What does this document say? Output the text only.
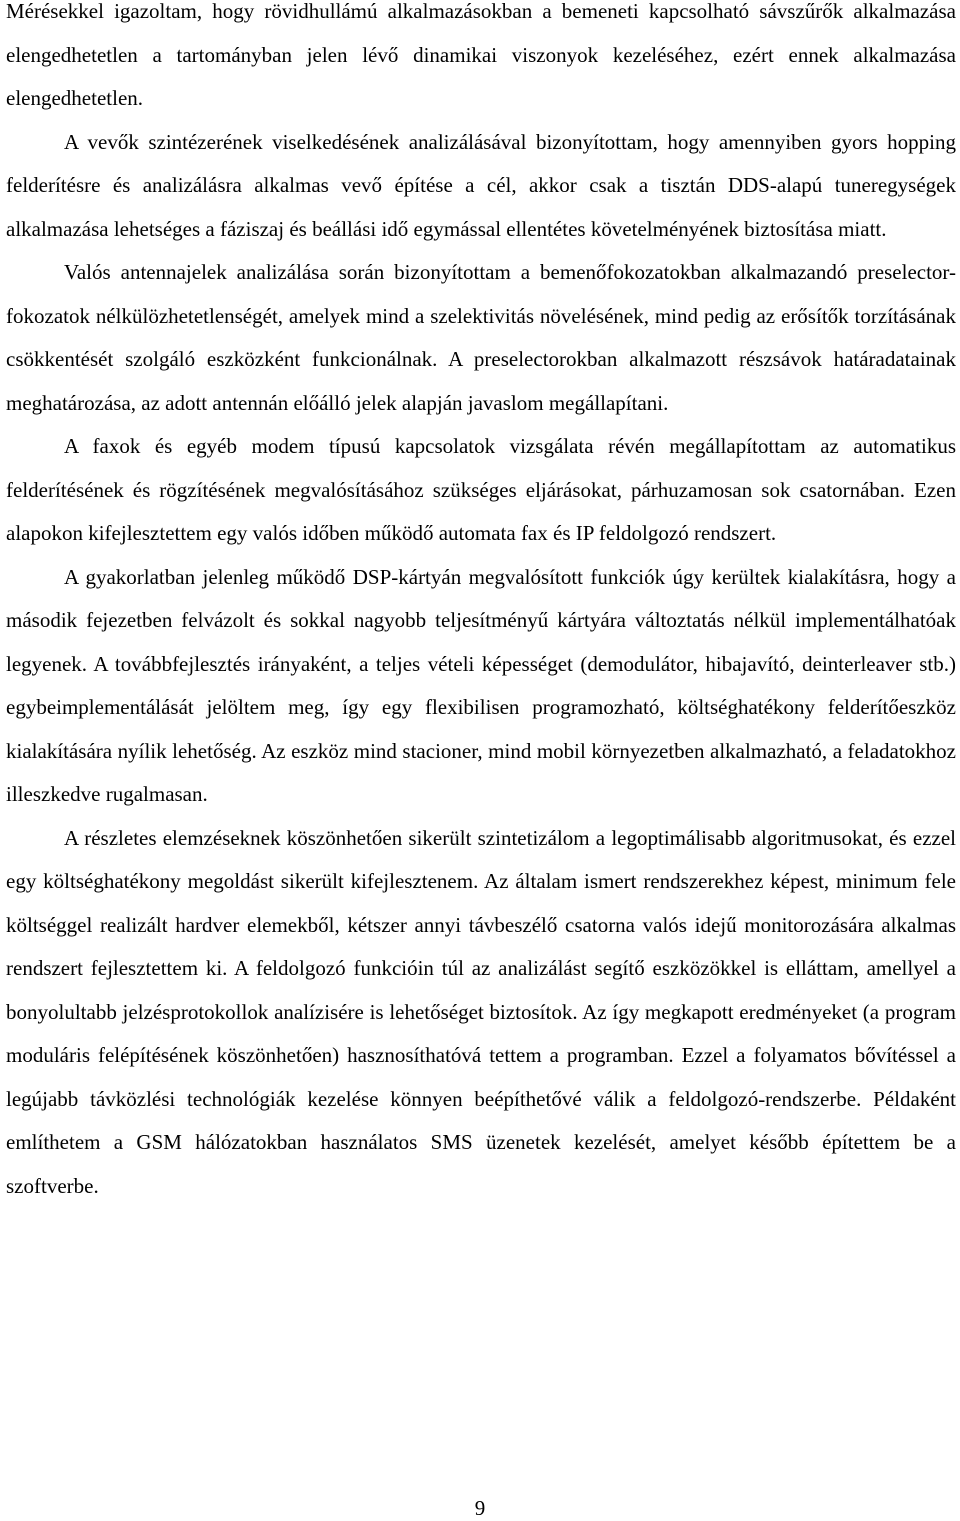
Mérésekkel igazoltam, hogy rövidhullámú alkalmazásokban a bemeneti kapcsolható sávszűrők alkalmazása elengedhetetlen a tartományban jelen lévő dinamikai viszonyok kezeléséhez, ezért ennek alkalmazása elengedhetetlen.

A vevők szintézerének viselkedésének analizálásával bizonyítottam, hogy amennyiben gyors hopping felderítésre és analizálásra alkalmas vevő építése a cél, akkor csak a tisztán DDS-alapú tuneregységek alkalmazása lehetséges a fáziszaj és beállási idő egymással ellentétes követelményének biztosítása miatt.

Valós antennajelek analizálása során bizonyítottam a bemenőfokozatokban alkalmazandó preselector-fokozatok nélkülözhetetlenségét, amelyek mind a szelektivitás növelésének, mind pedig az erősítők torzításának csökkentését szolgáló eszközként funkcionálnak. A preselectorokban alkalmazott részsávok határadatainak meghatározása, az adott antennán előálló jelek alapján javaslom megállapítani.

A faxok és egyéb modem típusú kapcsolatok vizsgálata révén megállapítottam az automatikus felderítésének és rögzítésének megvalósításához szükséges eljárásokat, párhuzamosan sok csatornában. Ezen alapokon kifejlesztettem egy valós időben működő automata fax és IP feldolgozó rendszert.

A gyakorlatban jelenleg működő DSP-kártyán megvalósított funkciók úgy kerültek kialakításra, hogy a második fejezetben felvázolt és sokkal nagyobb teljesítményű kártyára változtatás nélkül implementálhatóak legyenek. A továbbfejlesztés irányaként, a teljes vételi képességet (demodulátor, hibajavító, deinterleaver stb.) egybeimplementálását jelöltem meg, így egy flexibilisen programozható, költséghatékony felderítőeszköz kialakítására nyílik lehetőség. Az eszköz mind stacioner, mind mobil környezetben alkalmazható, a feladatokhoz illeszkedve rugalmasan.

A részletes elemzéseknek köszönhetően sikerült szintetizálom a legoptimálisabb algoritmusokat, és ezzel egy költséghatékony megoldást sikerült kifejlesztenem. Az általam ismert rendszerekhez képest, minimum fele költséggel realizált hardver elemekből, kétszer annyi távbeszélő csatorna valós idejű monitorozására alkalmas rendszert fejlesztettem ki. A feldolgozó funkcióin túl az analizálást segítő eszközökkel is elláttam, amellyel a bonyolultabb jelzésprotokollok analízisére is lehetőséget biztosítok. Az így megkapott eredményeket (a program moduláris felépítésének köszönhetően) hasznosíthatóvá tettem a programban. Ezzel a folyamatos bővítéssel a legújabb távközlési technológiák kezelése könnyen beépíthetővé válik a feldolgozó-rendszerbe. Példaként említhetem a GSM hálózatokban használatos SMS üzenetek kezelését, amelyet később építettem be a szoftverbe.

9
